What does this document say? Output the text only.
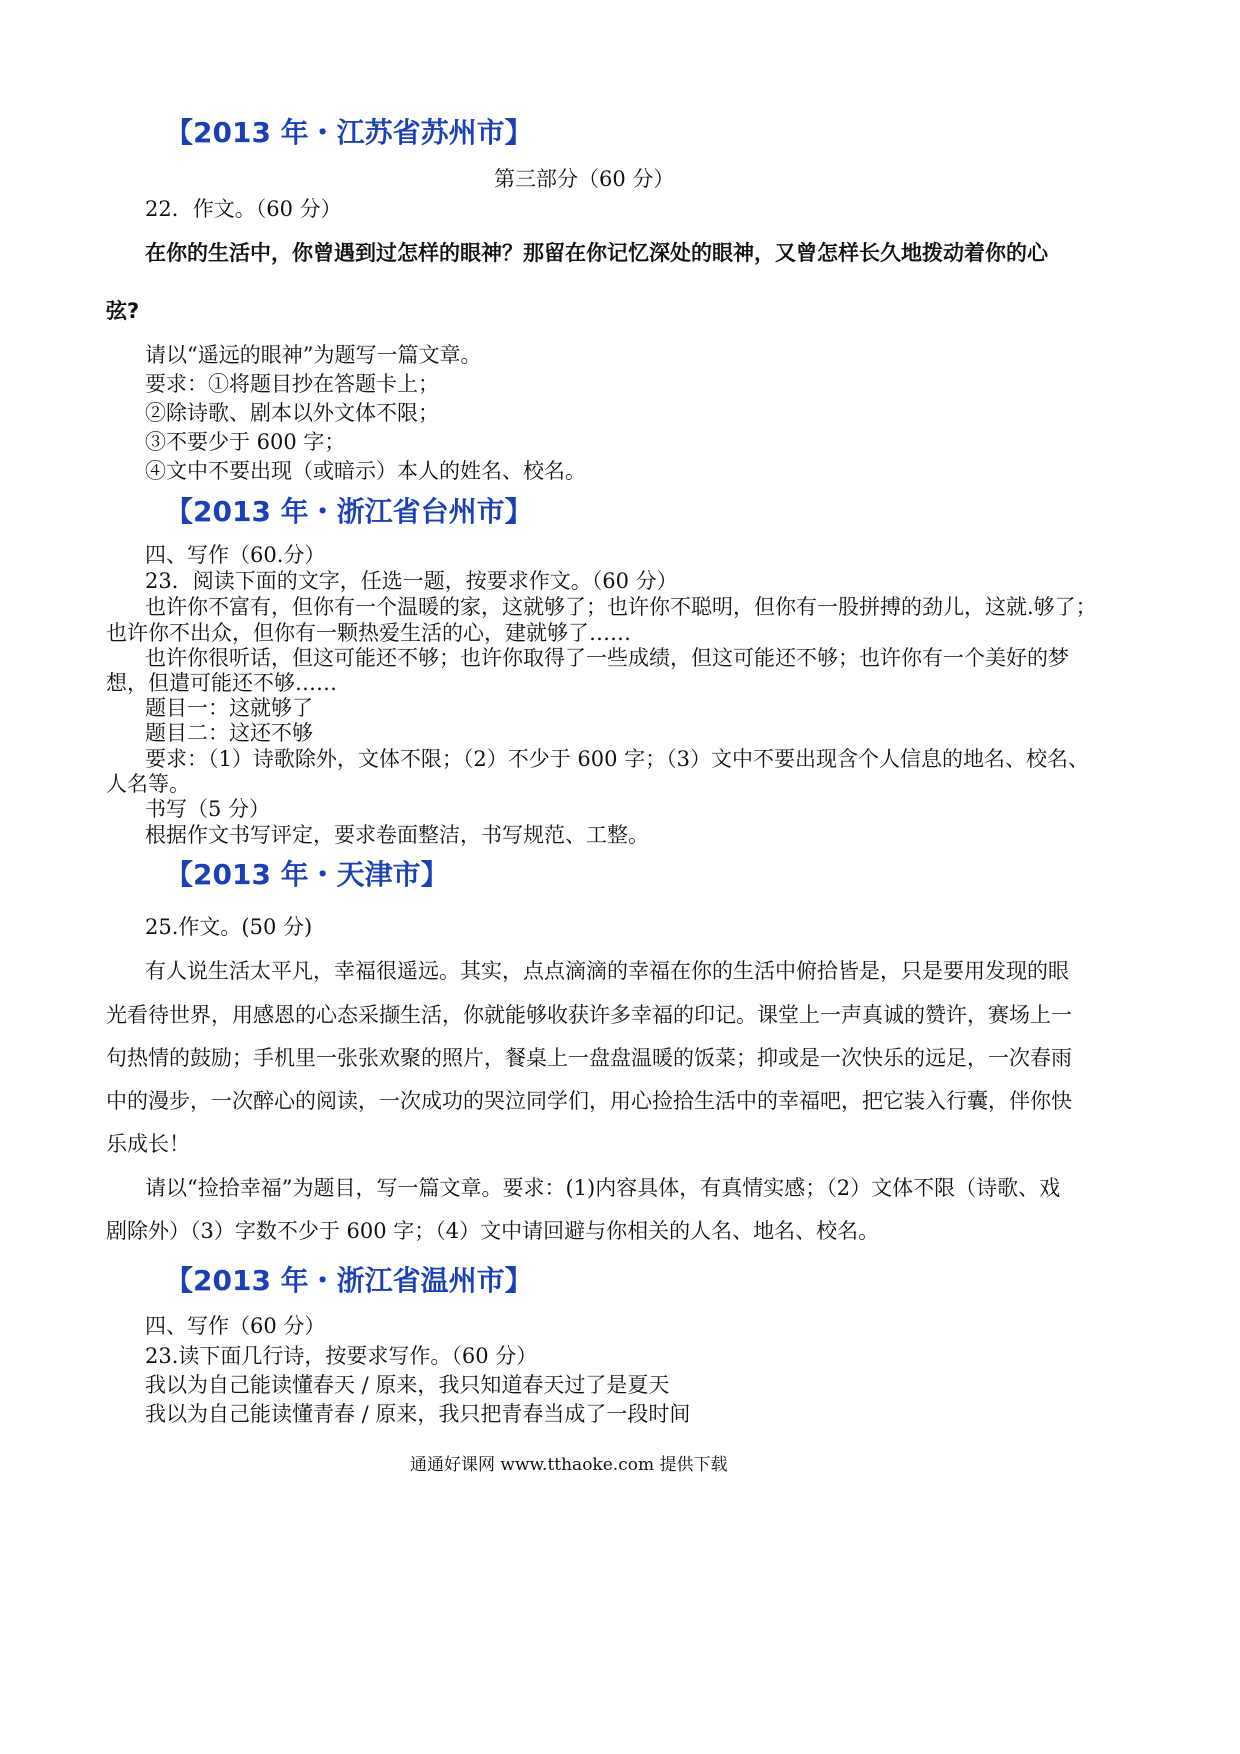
【2013 年・江苏省苏州市】
第三部分（60 分）
22．作文。（60 分）
在你的生活中，你曾遇到过怎样的眼神？那留在你记忆深处的眼神，又曾怎样长久地拨动着你的心
弦?
请以“遥远的眼神”为题写一篇文章。
要求：①将题目抄在答题卡上；
②除诗歌、剧本以外文体不限；
③不要少于 600 字；
④文中不要出现（或暗示）本人的姓名、校名。
【2013 年・浙江省台州市】
四、写作（60.分）
23．阅读下面的文字，任选一题，按要求作文。（60 分）
也许你不富有，但你有一个温暖的家，这就够了；也许你不聪明，但你有一股拼搏的劲儿，这就.够了；
也许你不出众，但你有一颗热爱生活的心，建就够了……
也许你很听话，但这可能还不够；也许你取得了一些成绩，但这可能还不够；也许你有一个美好的梦
想，但遣可能还不够……
题目一：这就够了
题目二：这还不够
要求：（1）诗歌除外，文体不限；（2）不少于 600 字；（3）文中不要出现含个人信息的地名、校名、
人名等。
书写（5 分）
根据作文书写评定，要求卷面整洁，书写规范、工整。
【2013 年・天津市】
25.作文。(50 分)
有人说生活太平凡，幸福很遥远。其实，点点滴滴的幸福在你的生活中俯拾皆是，只是要用发现的眼
光看待世界，用感恩的心态采撷生活，你就能够收获许多幸福的印记。课堂上一声真诚的赞许，赛场上一
句热情的鼓励；手机里一张张欢聚的照片，餐桌上一盘盘温暖的饭菜；抑或是一次快乐的远足，一次春雨
中的漫步，一次醉心的阅读，一次成功的哭泣同学们，用心捡拾生活中的幸福吧，把它装入行囊，伴你快
乐成长！
请以“捡拾幸福”为题目，写一篇文章。要求：(1)内容具体，有真情实感；（2）文体不限（诗歌、戏
剧除外）（3）字数不少于 600 字；（4）文中请回避与你相关的人名、地名、校名。
【2013 年・浙江省温州市】
四、写作（60 分）
23.读下面几行诗，按要求写作。（60 分）
我以为自己能读懂春天 / 原来，我只知道春天过了是夏天
我以为自己能读懂青春 / 原来，我只把青春当成了一段时间
通通好课网 www.tthaoke.com 提供下载
